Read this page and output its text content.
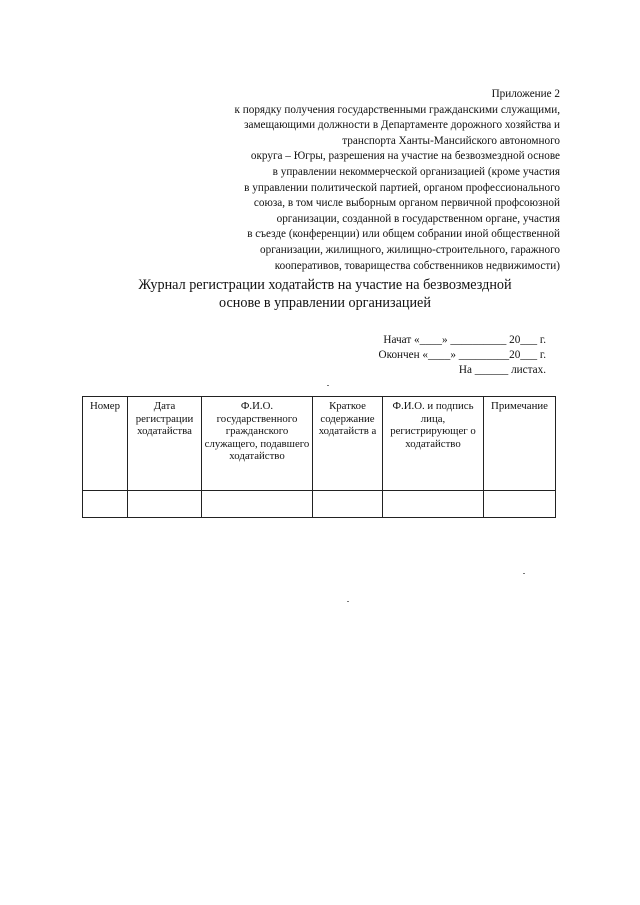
Приложение 2
к порядку получения государственными гражданскими служащими,
замещающими должности в Департаменте дорожного хозяйства и
транспорта Ханты-Мансийского автономного
округа – Югры, разрешения на участие на безвозмездной основе
в управлении некоммерческой организацией (кроме участия
в управлении политической партией, органом профессионального
союза, в том числе выборным органом первичной профсоюзной
организации, созданной в государственном органе, участия
в съезде (конференции) или общем собрании иной общественной
организации, жилищного, жилищно-строительного, гаражного
кооперативов, товарищества собственников недвижимости)
Журнал регистрации ходатайств на участие на безвозмездной
основе в управлении организацией
Начат «____» __________ 20___ г.
Окончен «____» _________20___ г.
На ______ листах.
Номер	Дата регистрации ходатайства	Ф.И.О. государственного гражданского служащего, подавшего ходатайство	Краткое содержание ходатайств а	Ф.И.О. и подпись лица, регистрирующег о ходатайство	Примечание
